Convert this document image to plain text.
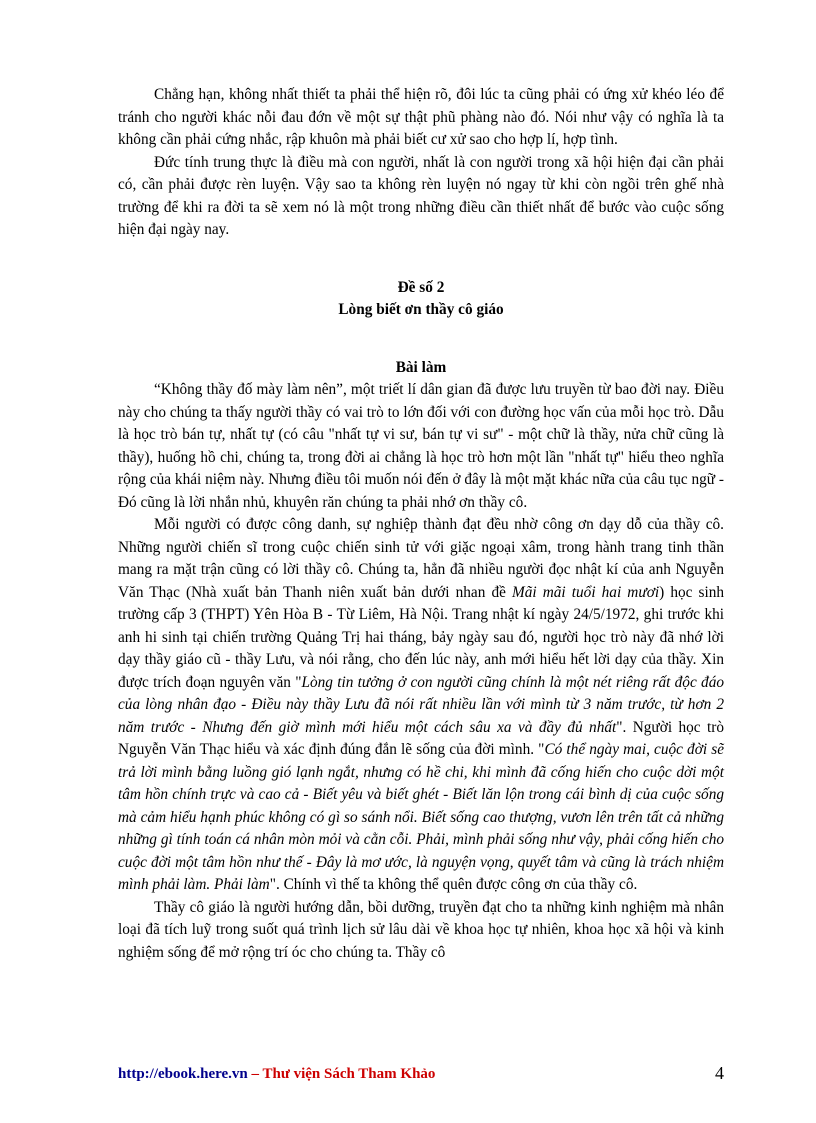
Chẳng hạn, không nhất thiết ta phải thể hiện rõ, đôi lúc ta cũng phải có ứng xử khéo léo để tránh cho người khác nỗi đau đớn về một sự thật phũ phàng nào đó. Nói như vậy có nghĩa là ta không cần phải cứng nhắc, rập khuôn mà phải biết cư xử sao cho hợp lí, hợp tình.

Đức tính trung thực là điều mà con người, nhất là con người trong xã hội hiện đại cần phải có, cần phải được rèn luyện. Vậy sao ta không rèn luyện nó ngay từ khi còn ngồi trên ghế nhà trường để khi ra đời ta sẽ xem nó là một trong những điều cần thiết nhất để bước vào cuộc sống hiện đại ngày nay.

Đề số 2
Lòng biết ơn thầy cô giáo
Bài làm

“Không thầy đố mày làm nên”, một triết lí dân gian đã được lưu truyền từ bao đời nay. Điều này cho chúng ta thấy người thầy có vai trò to lớn đối với con đường học vấn của mỗi học trò. Dẫu là học trò bán tự, nhất tự (có câu "nhất tự vi sư, bán tự vi sư" - một chữ là thầy, nửa chữ cũng là thầy), huống hồ chi, chúng ta, trong đời ai chẳng là học trò hơn một lần "nhất tự" hiểu theo nghĩa rộng của khái niệm này. Nhưng điều tôi muốn nói đến ở đây là một mặt khác nữa của câu tục ngữ - Đó cũng là lời nhắn nhủ, khuyên răn chúng ta phải nhớ ơn thầy cô.

Mỗi người có được công danh, sự nghiệp thành đạt đều nhờ công ơn dạy dỗ của thầy cô. Những người chiến sĩ trong cuộc chiến sinh tử với giặc ngoại xâm, trong hành trang tinh thần mang ra mặt trận cũng có lời thầy cô. Chúng ta, hẳn đã nhiều người đọc nhật kí của anh Nguyễn Văn Thạc (Nhà xuất bản Thanh niên xuất bản dưới nhan đề Mãi mãi tuổi hai mươi) học sinh trường cấp 3 (THPT) Yên Hòa B - Từ Liêm, Hà Nội. Trang nhật kí ngày 24/5/1972, ghi trước khi anh hi sinh tại chiến trường Quảng Trị hai tháng, bảy ngày sau đó, người học trò này đã nhớ lời dạy thầy giáo cũ - thầy Lưu, và nói rằng, cho đến lúc này, anh mới hiểu hết lời dạy của thầy. Xin được trích đoạn nguyên văn "Lòng tin tưởng ở con người cũng chính là một nét riêng rất độc đáo của lòng nhân đạo - Điều này thầy Lưu đã nói rất nhiều lần với mình từ 3 năm trước, từ hơn 2 năm trước - Nhưng đến giờ mình mới hiểu một cách sâu xa và đầy đủ nhất". Người học trò Nguyễn Văn Thạc hiểu và xác định đúng đắn lẽ sống của đời mình. "Có thể ngày mai, cuộc đời sẽ trả lời mình bằng luồng gió lạnh ngắt, nhưng có hề chi, khi mình đã cống hiến cho cuộc dời một tâm hồn chính trực và cao cả - Biết yêu và biết ghét - Biết lăn lộn trong cái bình dị của cuộc sống mà cảm hiểu hạnh phúc không có gì so sánh nổi. Biết sống cao thượng, vươn lên trên tất cả những những gì tính toán cá nhân mòn mỏi và cằn cỗi. Phải, mình phải sống như vậy, phải cống hiến cho cuộc đời một tâm hồn như thế - Đây là mơ ước, là nguyện vọng, quyết tâm và cũng là trách nhiệm mình phải làm. Phải làm". Chính vì thế ta không thể quên được công ơn của thầy cô.

Thầy cô giáo là người hướng dẫn, bồi dưỡng, truyền đạt cho ta những kinh nghiệm mà nhân loại đã tích luỹ trong suốt quá trình lịch sử lâu dài về khoa học tự nhiên, khoa học xã hội và kinh nghiệm sống để mở rộng trí óc cho chúng ta. Thầy cô

http://ebook.here.vn – Thư viện Sách Tham Khảo	4
